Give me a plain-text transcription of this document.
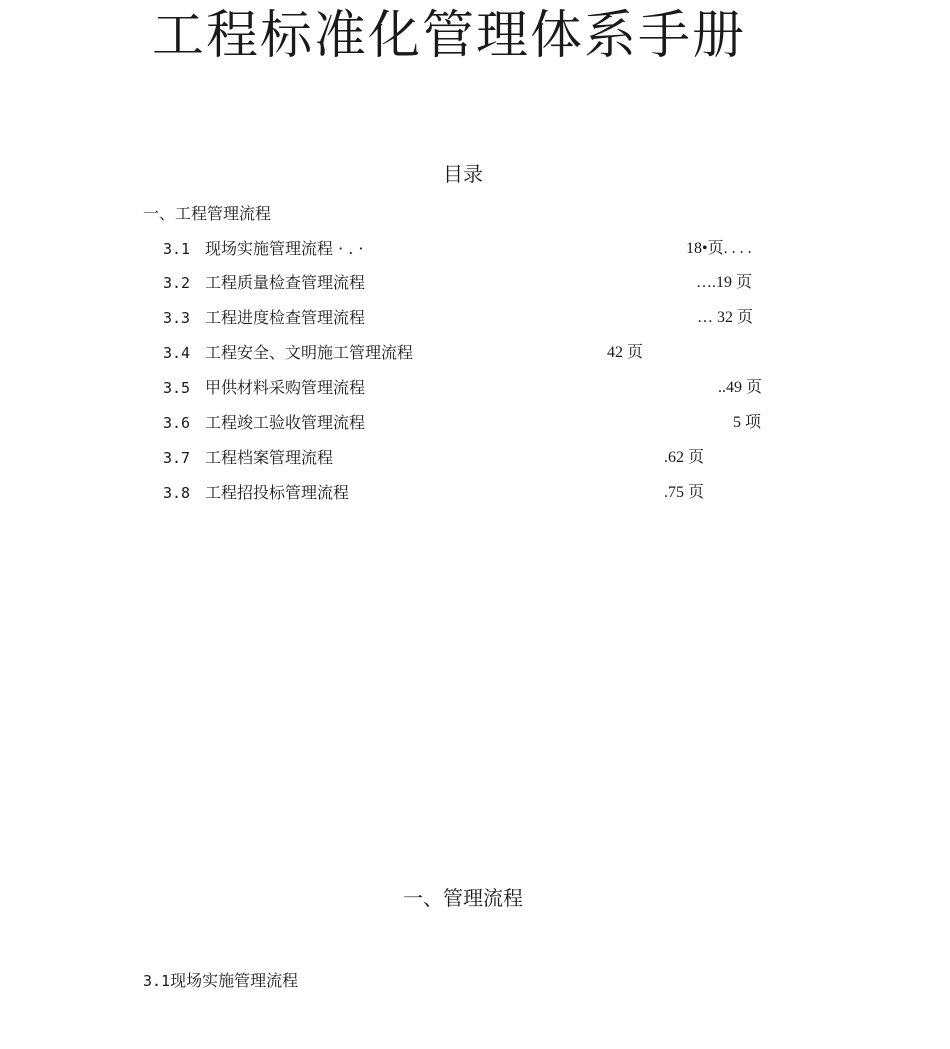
工程标准化管理体系手册
目录
一、工程管理流程
3.1 现场实施管理流程 · . ·	18•页. . . .
3.2 工程质量检查管理流程	….19 页
3.3 工程进度检查管理流程	… 32 页
3.4 工程安全、文明施工管理流程	42 页
3.5 甲供材料采购管理流程	..49 页
3.6 工程竣工验收管理流程	5 项
3.7 工程档案管理流程	.62 页
3.8 工程招投标管理流程	.75 页
一、管理流程
3.1现场实施管理流程
